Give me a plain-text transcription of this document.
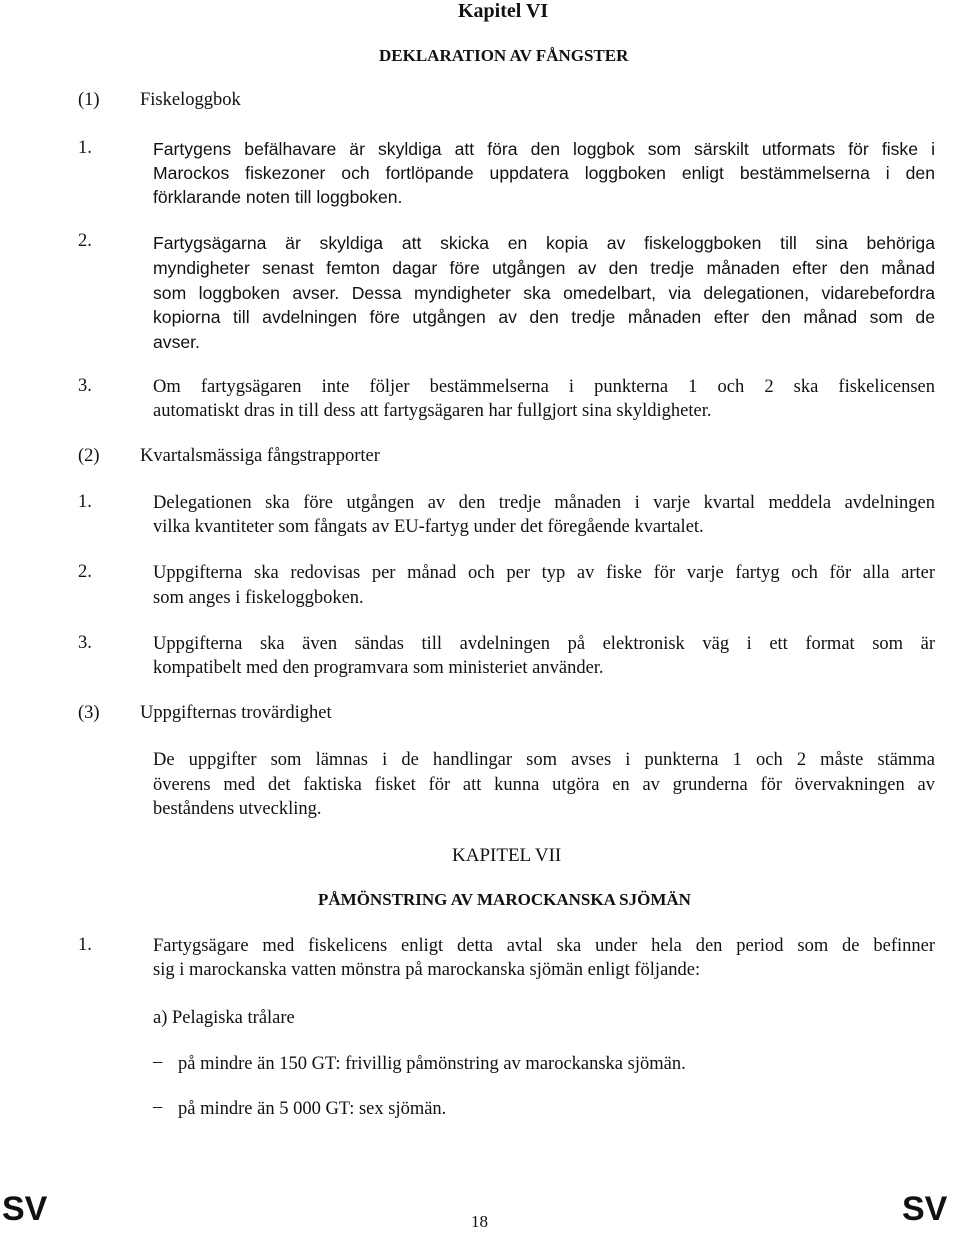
Kapitel VI
DEKLARATION AV FÅNGSTER
(1) Fiskeloggbok
1.	Fartygens befälhavare är skyldiga att föra den loggbok som särskilt utformats för fiske i
Marockos fiskezoner och fortlöpande uppdatera loggboken enligt bestämmelserna i den
förklarande noten till loggboken.
2.	Fartygsägarna är skyldiga att skicka en kopia av fiskeloggboken till sina behöriga
myndigheter senast femton dagar före utgången av den tredje månaden efter den månad
som loggboken avser. Dessa myndigheter ska omedelbart, via delegationen, vidarebefordra
kopiorna till avdelningen före utgången av den tredje månaden efter den månad som de
avser.
3.	Om fartygsägaren inte följer bestämmelserna i punkterna 1 och 2 ska fiskelicensen
automatiskt dras in till dess att fartygsägaren har fullgjort sina skyldigheter.
(2) Kvartalsmässiga fångstrapporter
1.	Delegationen ska före utgången av den tredje månaden i varje kvartal meddela avdelningen
vilka kvantiteter som fångats av EU-fartyg under det föregående kvartalet.
2.	Uppgifterna ska redovisas per månad och per typ av fiske för varje fartyg och för alla arter
som anges i fiskeloggboken.
3.	Uppgifterna ska även sändas till avdelningen på elektronisk väg i ett format som är
kompatibelt med den programvara som ministeriet använder.
(3) Uppgifternas trovärdighet
De uppgifter som lämnas i de handlingar som avses i punkterna 1 och 2 måste stämma
överens med det faktiska fisket för att kunna utgöra en av grunderna för övervakningen av
beståndens utveckling.
KAPITEL VII
PÅMÖNSTRING AV MAROCKANSKA SJÖMÄN
1.	Fartygsägare med fiskelicens enligt detta avtal ska under hela den period som de befinner
sig i marockanska vatten mönstra på marockanska sjömän enligt följande:
a) Pelagiska trålare
– på mindre än 150 GT: frivillig påmönstring av marockanska sjömän.
– på mindre än 5 000 GT: sex sjömän.
SV	18	SV
